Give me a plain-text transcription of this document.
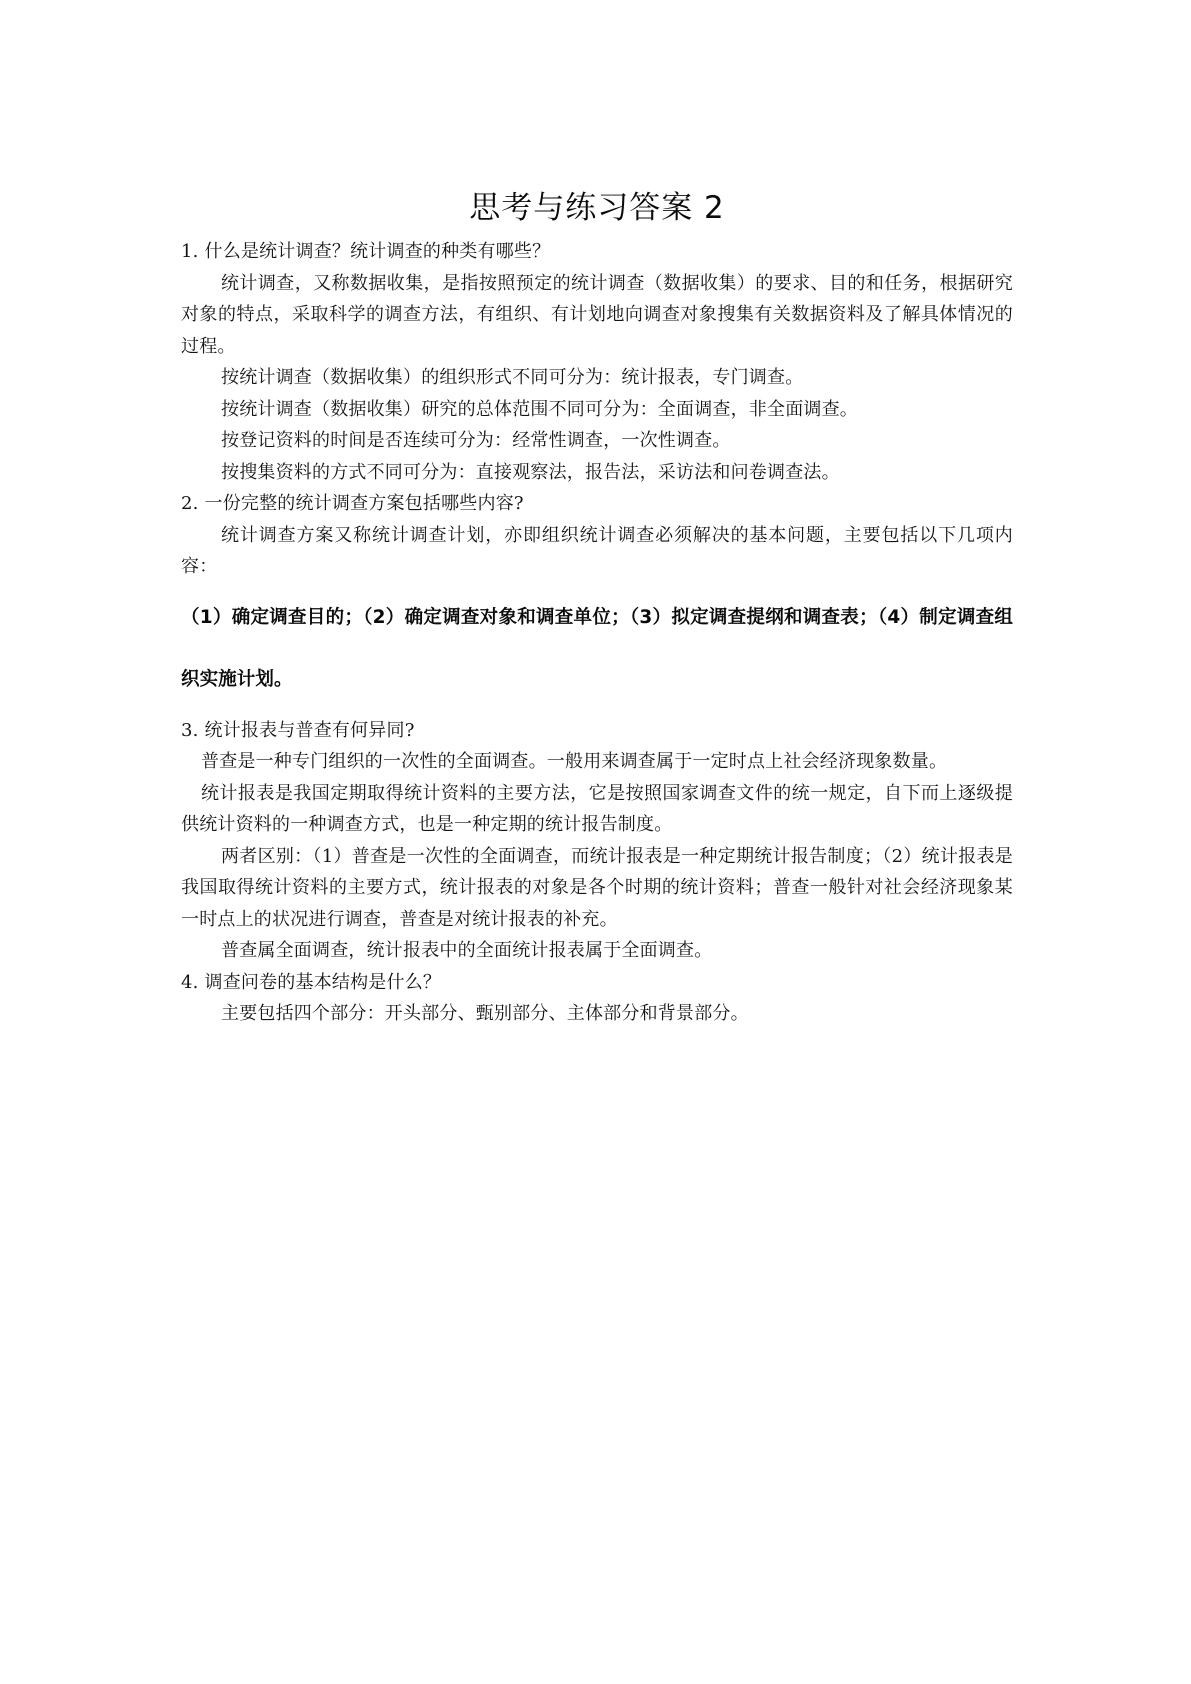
思考与练习答案 2

1. 什么是统计调查？统计调查的种类有哪些？

统计调查，又称数据收集，是指按照预定的统计调查（数据收集）的要求、目的和任务，根据研究对象的特点，采取科学的调查方法，有组织、有计划地向调查对象搜集有关数据资料及了解具体情况的过程。

按统计调查（数据收集）的组织形式不同可分为：统计报表，专门调查。

按统计调查（数据收集）研究的总体范围不同可分为：全面调查，非全面调查。

按登记资料的时间是否连续可分为：经常性调查，一次性调查。

按搜集资料的方式不同可分为：直接观察法，报告法，采访法和问卷调查法。

2. 一份完整的统计调查方案包括哪些内容?

统计调查方案又称统计调查计划，亦即组织统计调查必须解决的基本问题，主要包括以下几项内容：

（1）确定调查目的；（2）确定调查对象和调查单位；（3）拟定调查提纲和调查表；（4）制定调查组织实施计划。

3. 统计报表与普查有何异同?

普查是一种专门组织的一次性的全面调查。一般用来调查属于一定时点上社会经济现象数量。

统计报表是我国定期取得统计资料的主要方法，它是按照国家调查文件的统一规定，自下而上逐级提供统计资料的一种调查方式，也是一种定期的统计报告制度。

两者区别：（1）普查是一次性的全面调查，而统计报表是一种定期统计报告制度；（2）统计报表是我国取得统计资料的主要方式，统计报表的对象是各个时期的统计资料；普查一般针对社会经济现象某一时点上的状况进行调查，普查是对统计报表的补充。

普查属全面调查，统计报表中的全面统计报表属于全面调查。

4. 调查问卷的基本结构是什么？

主要包括四个部分：开头部分、甄别部分、主体部分和背景部分。
